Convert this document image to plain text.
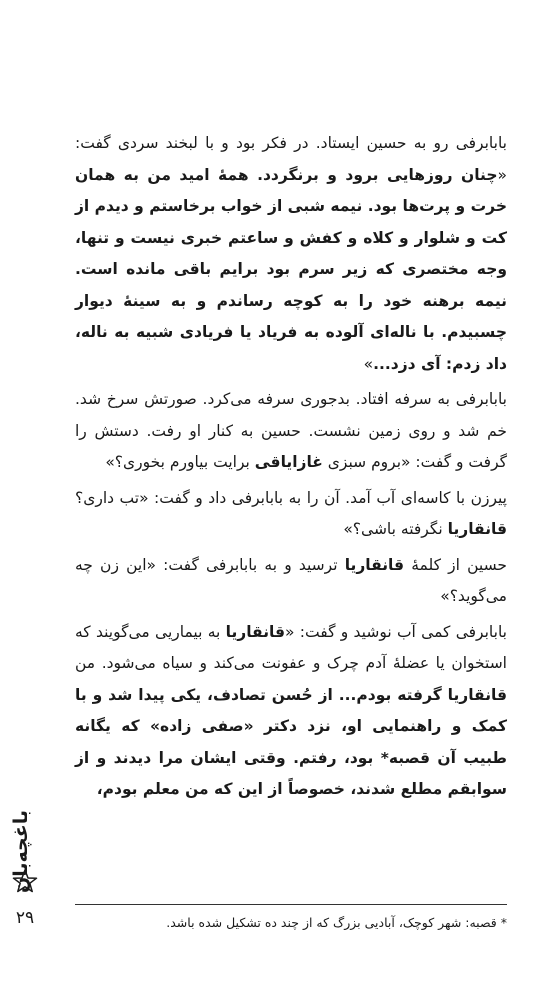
بابابرفی رو به حسین ایستاد. در فکر بود و با لبخند سردی گفت: «چنان روزهایی برود و برنگردد. همهٔ امید من به همان خرت و پرت‌ها بود. نیمه شبی از خواب برخاستم و دیدم از کت و شلوار و کلاه و کفش و ساعتم خبری نیست و تنها، وجه مختصری که زیر سرم بود برایم باقی مانده است. نیمه برهنه خود را به کوچه رساندم و به سینهٔ دیوار چسبیدم. با ناله‌ای آلوده به فریاد یا فریادی شبیه به ناله، داد زدم: آی دزد...»

بابابرفی به سرفه افتاد. بدجوری سرفه می‌کرد. صورتش سرخ شد. خم شد و روی زمین نشست. حسین به کنار او رفت. دستش را گرفت و گفت: «بروم سبزی غازایاقی برایت بیاورم بخوری؟»

پیرزن با کاسه‌ای آب آمد. آن را به بابابرفی داد و گفت: «تب داری؟ قانقاریا نگرفته باشی؟»

حسین از کلمهٔ قانقاریا ترسید و به بابابرفی گفت: «این زن چه می‌گوید؟»

بابابرفی کمی آب نوشید و گفت: «قانقاریا به بیماریی می‌گویند که استخوان یا عضلهٔ آدم چرک و عفونت می‌کند و سیاه می‌شود. من قانقاریا گرفته بودم... از حُسن تصادف، یکی پیدا شد و با کمک و راهنمایی او، نزد دکتر «صفی زاده» که یگانه طبیب آن قصبه* بود، رفتم. وقتی ایشان مرا دیدند و از سوابقم مطلع شدند، خصوصاً از این که من معلم بودم،

* قصبه: شهر کوچک، آبادیی بزرگ که از چند ده تشکیل شده باشد.
باغچه‌بان
۲۹
